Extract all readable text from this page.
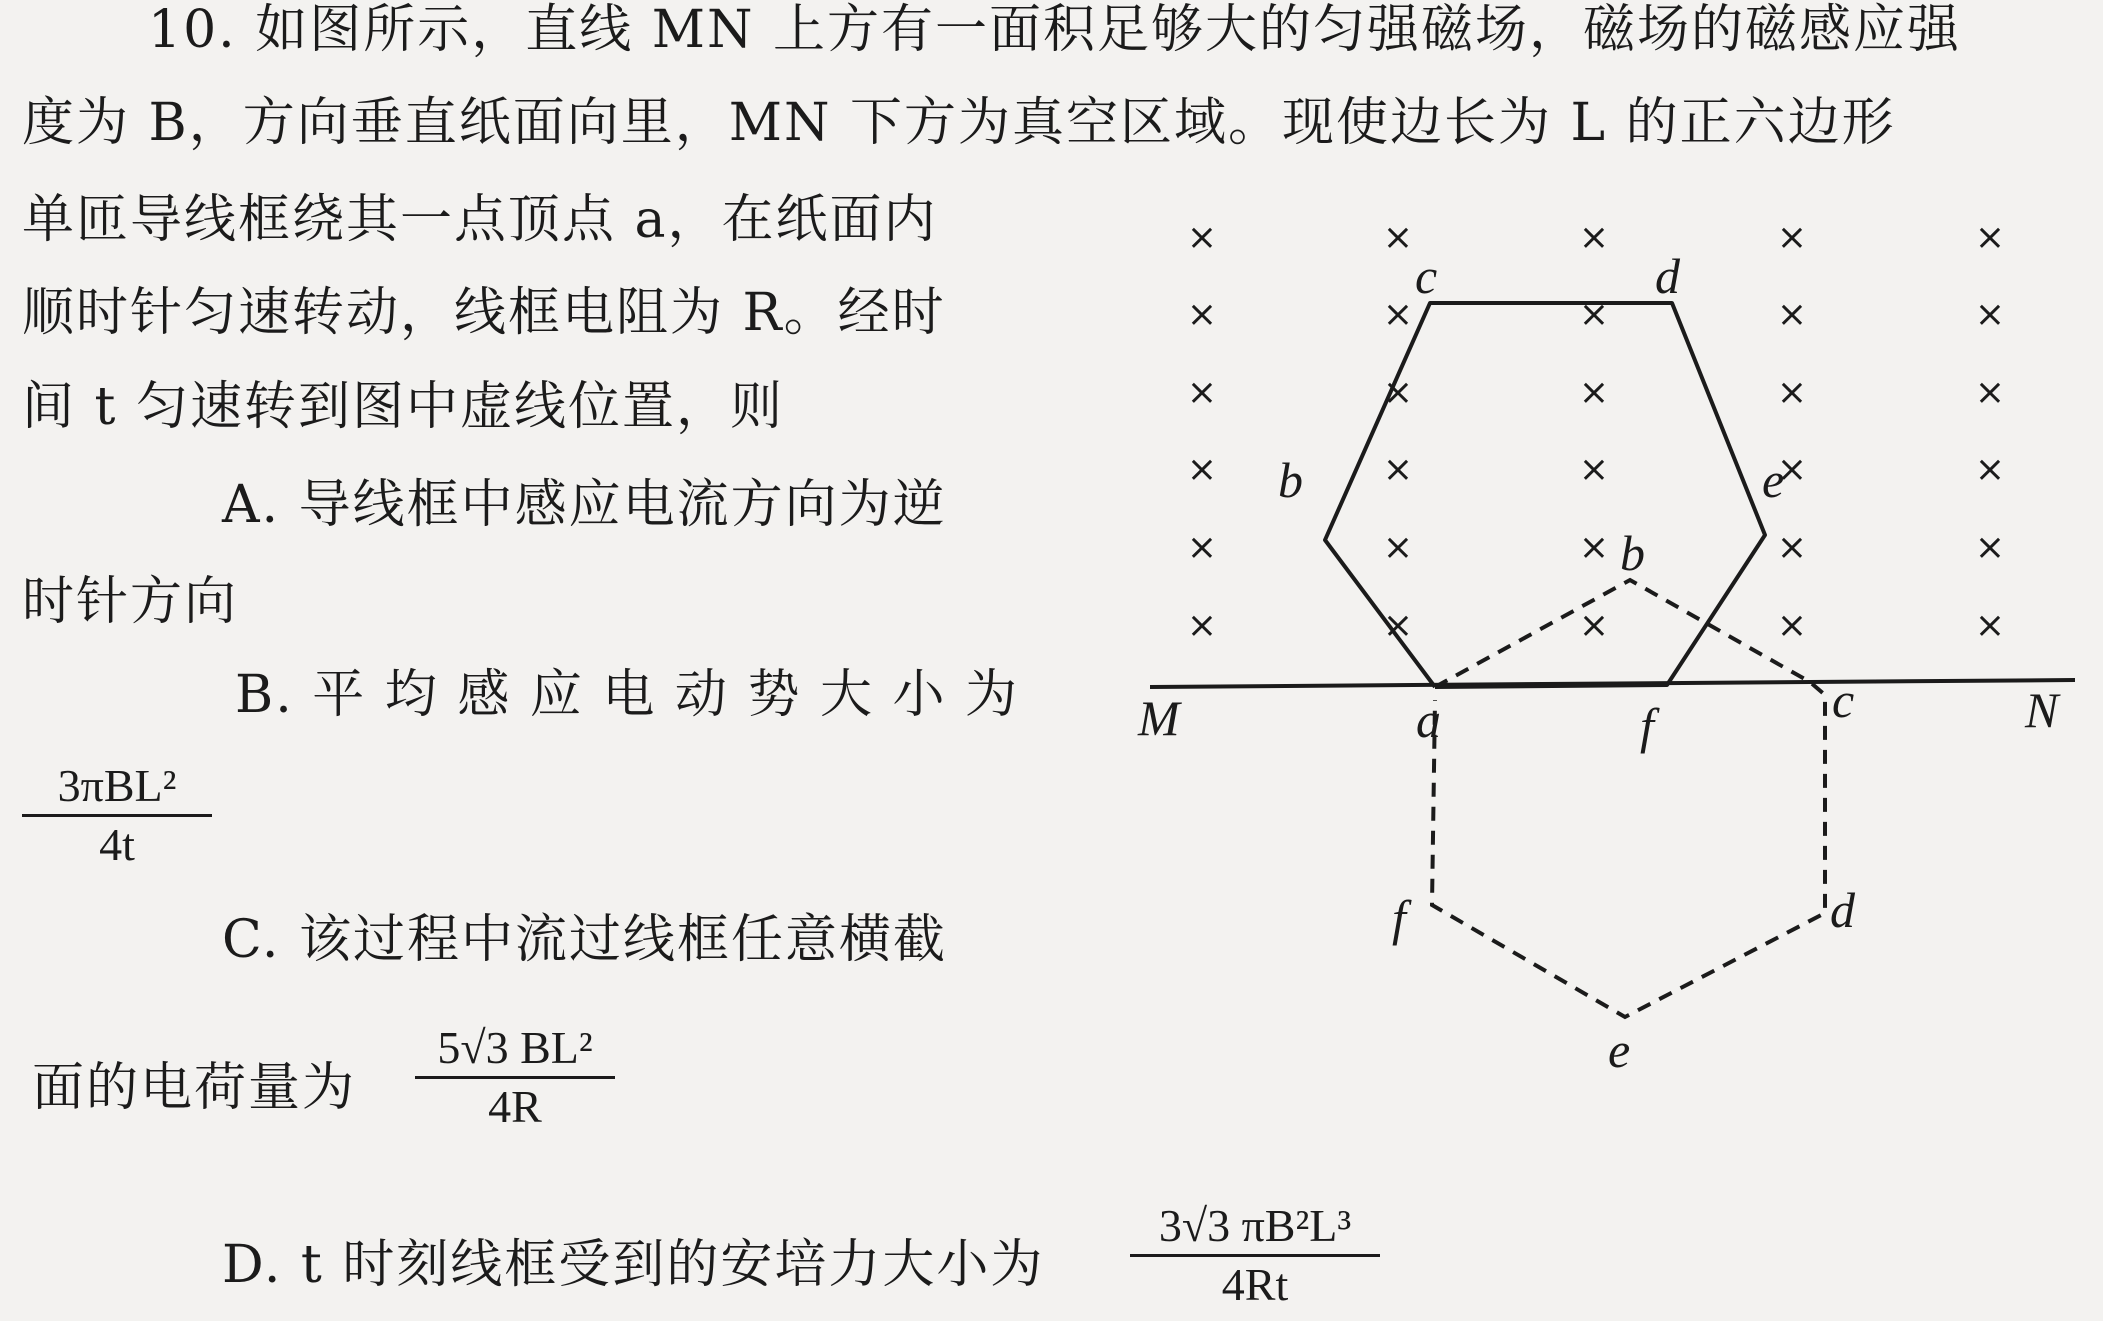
10. 如图所示，直线 MN 上方有一面积足够大的匀强磁场，磁场的磁感应强
度为 B，方向垂直纸面向里，MN 下方为真空区域。现使边长为 L 的正六边形
单匝导线框绕其一点顶点 a，在纸面内
顺时针匀速转动，线框电阻为 R。经时
间 t 匀速转到图中虚线位置，则
A. 导线框中感应电流方向为逆
时针方向
B. 平 均 感 应 电 动 势 大 小 为
3πBL²
4t
C. 该过程中流过线框任意横截
面的电荷量为
5√3 BL²
4R
D. t 时刻线框受到的安培力大小为
3√3 πB²L³
4Rt
×
×
×
×
×
×
×
×
×
×
×
×
×
×
×
×
×
×
×
×
×
×
×
×
×
×
×
×
×
×
a
b
c	d
e
f
b
c
d
e
f
M	N
